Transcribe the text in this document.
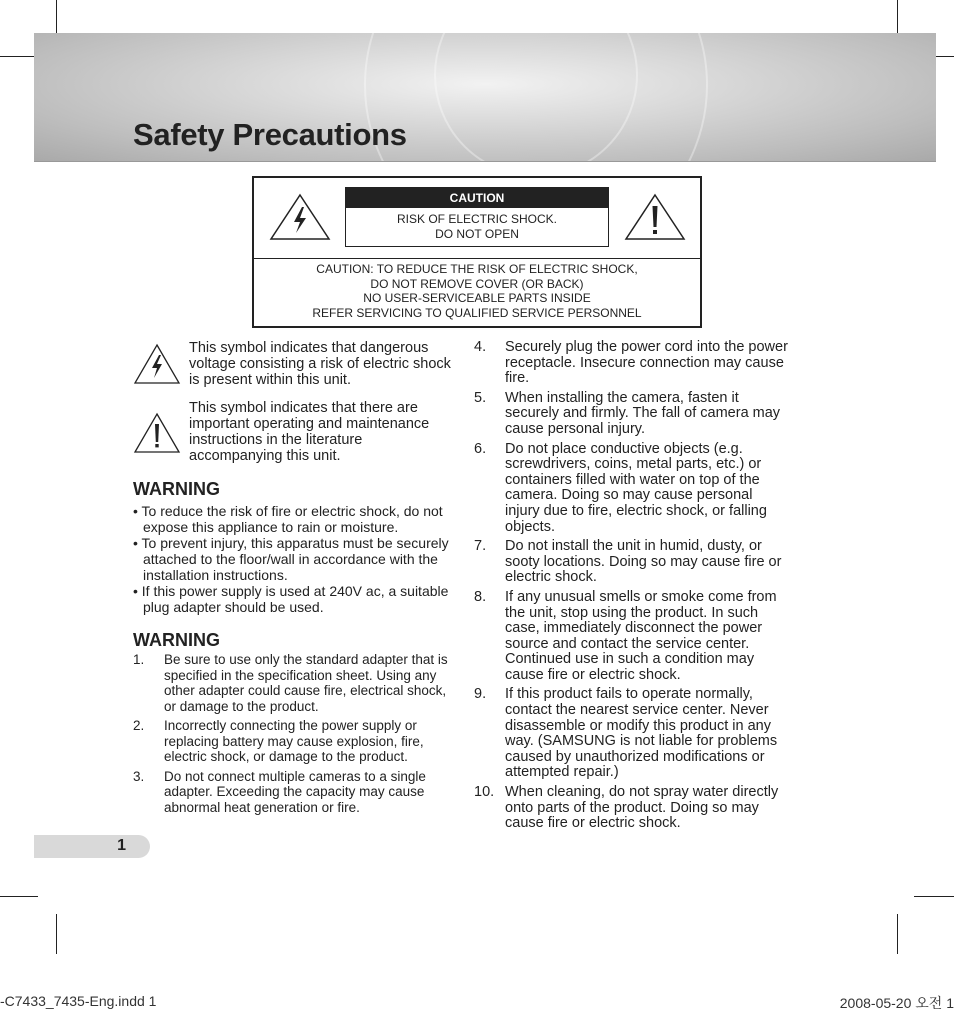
Safety Precautions
CAUTION
RISK OF ELECTRIC SHOCK.
DO NOT OPEN
CAUTION: TO REDUCE THE RISK OF ELECTRIC SHOCK,
DO NOT REMOVE COVER (OR BACK)
NO USER-SERVICEABLE PARTS INSIDE
REFER SERVICING TO QUALIFIED SERVICE PERSONNEL
This symbol indicates that dangerous voltage consisting a risk of electric shock is present within this unit.
This symbol indicates that there are important operating and maintenance instructions in the literature accompanying this unit.
WARNING
• To reduce the risk of fire or electric shock, do not expose this appliance to rain or moisture.
• To prevent injury, this apparatus must be securely attached to the floor/wall in accordance with the installation instructions.
• If this power supply is used at 240V ac, a suitable plug adapter should be used.
WARNING
1. Be sure to use only the standard adapter that is specified in the specification sheet. Using any other adapter could cause fire, electrical shock, or damage to the product.
2. Incorrectly connecting the power supply or replacing battery may cause explosion, fire, electric shock, or damage to the product.
3. Do not connect multiple cameras to a single adapter. Exceeding the capacity may cause abnormal heat generation or fire.
4. Securely plug the power cord into the power receptacle. Insecure connection may cause fire.
5. When installing the camera, fasten it securely and firmly. The fall of camera may cause personal injury.
6. Do not place conductive objects (e.g. screwdrivers, coins, metal parts, etc.) or containers filled with water on top of the camera. Doing so may cause personal injury due to fire, electric shock, or falling objects.
7. Do not install the unit in humid, dusty, or sooty locations. Doing so may cause fire or electric shock.
8. If any unusual smells or smoke come from the unit, stop using the product. In such case, immediately disconnect the power source and contact the service center. Continued use in such a condition may cause fire or electric shock.
9. If this product fails to operate normally, contact the nearest service center. Never disassemble or modify this product in any way. (SAMSUNG is not liable for problems caused by unauthorized modifications or attempted repair.)
10. When cleaning, do not spray water directly onto parts of the product. Doing so may cause fire or electric shock.
1
-C7433_7435-Eng.indd 1	2008-05-20 오전 1
